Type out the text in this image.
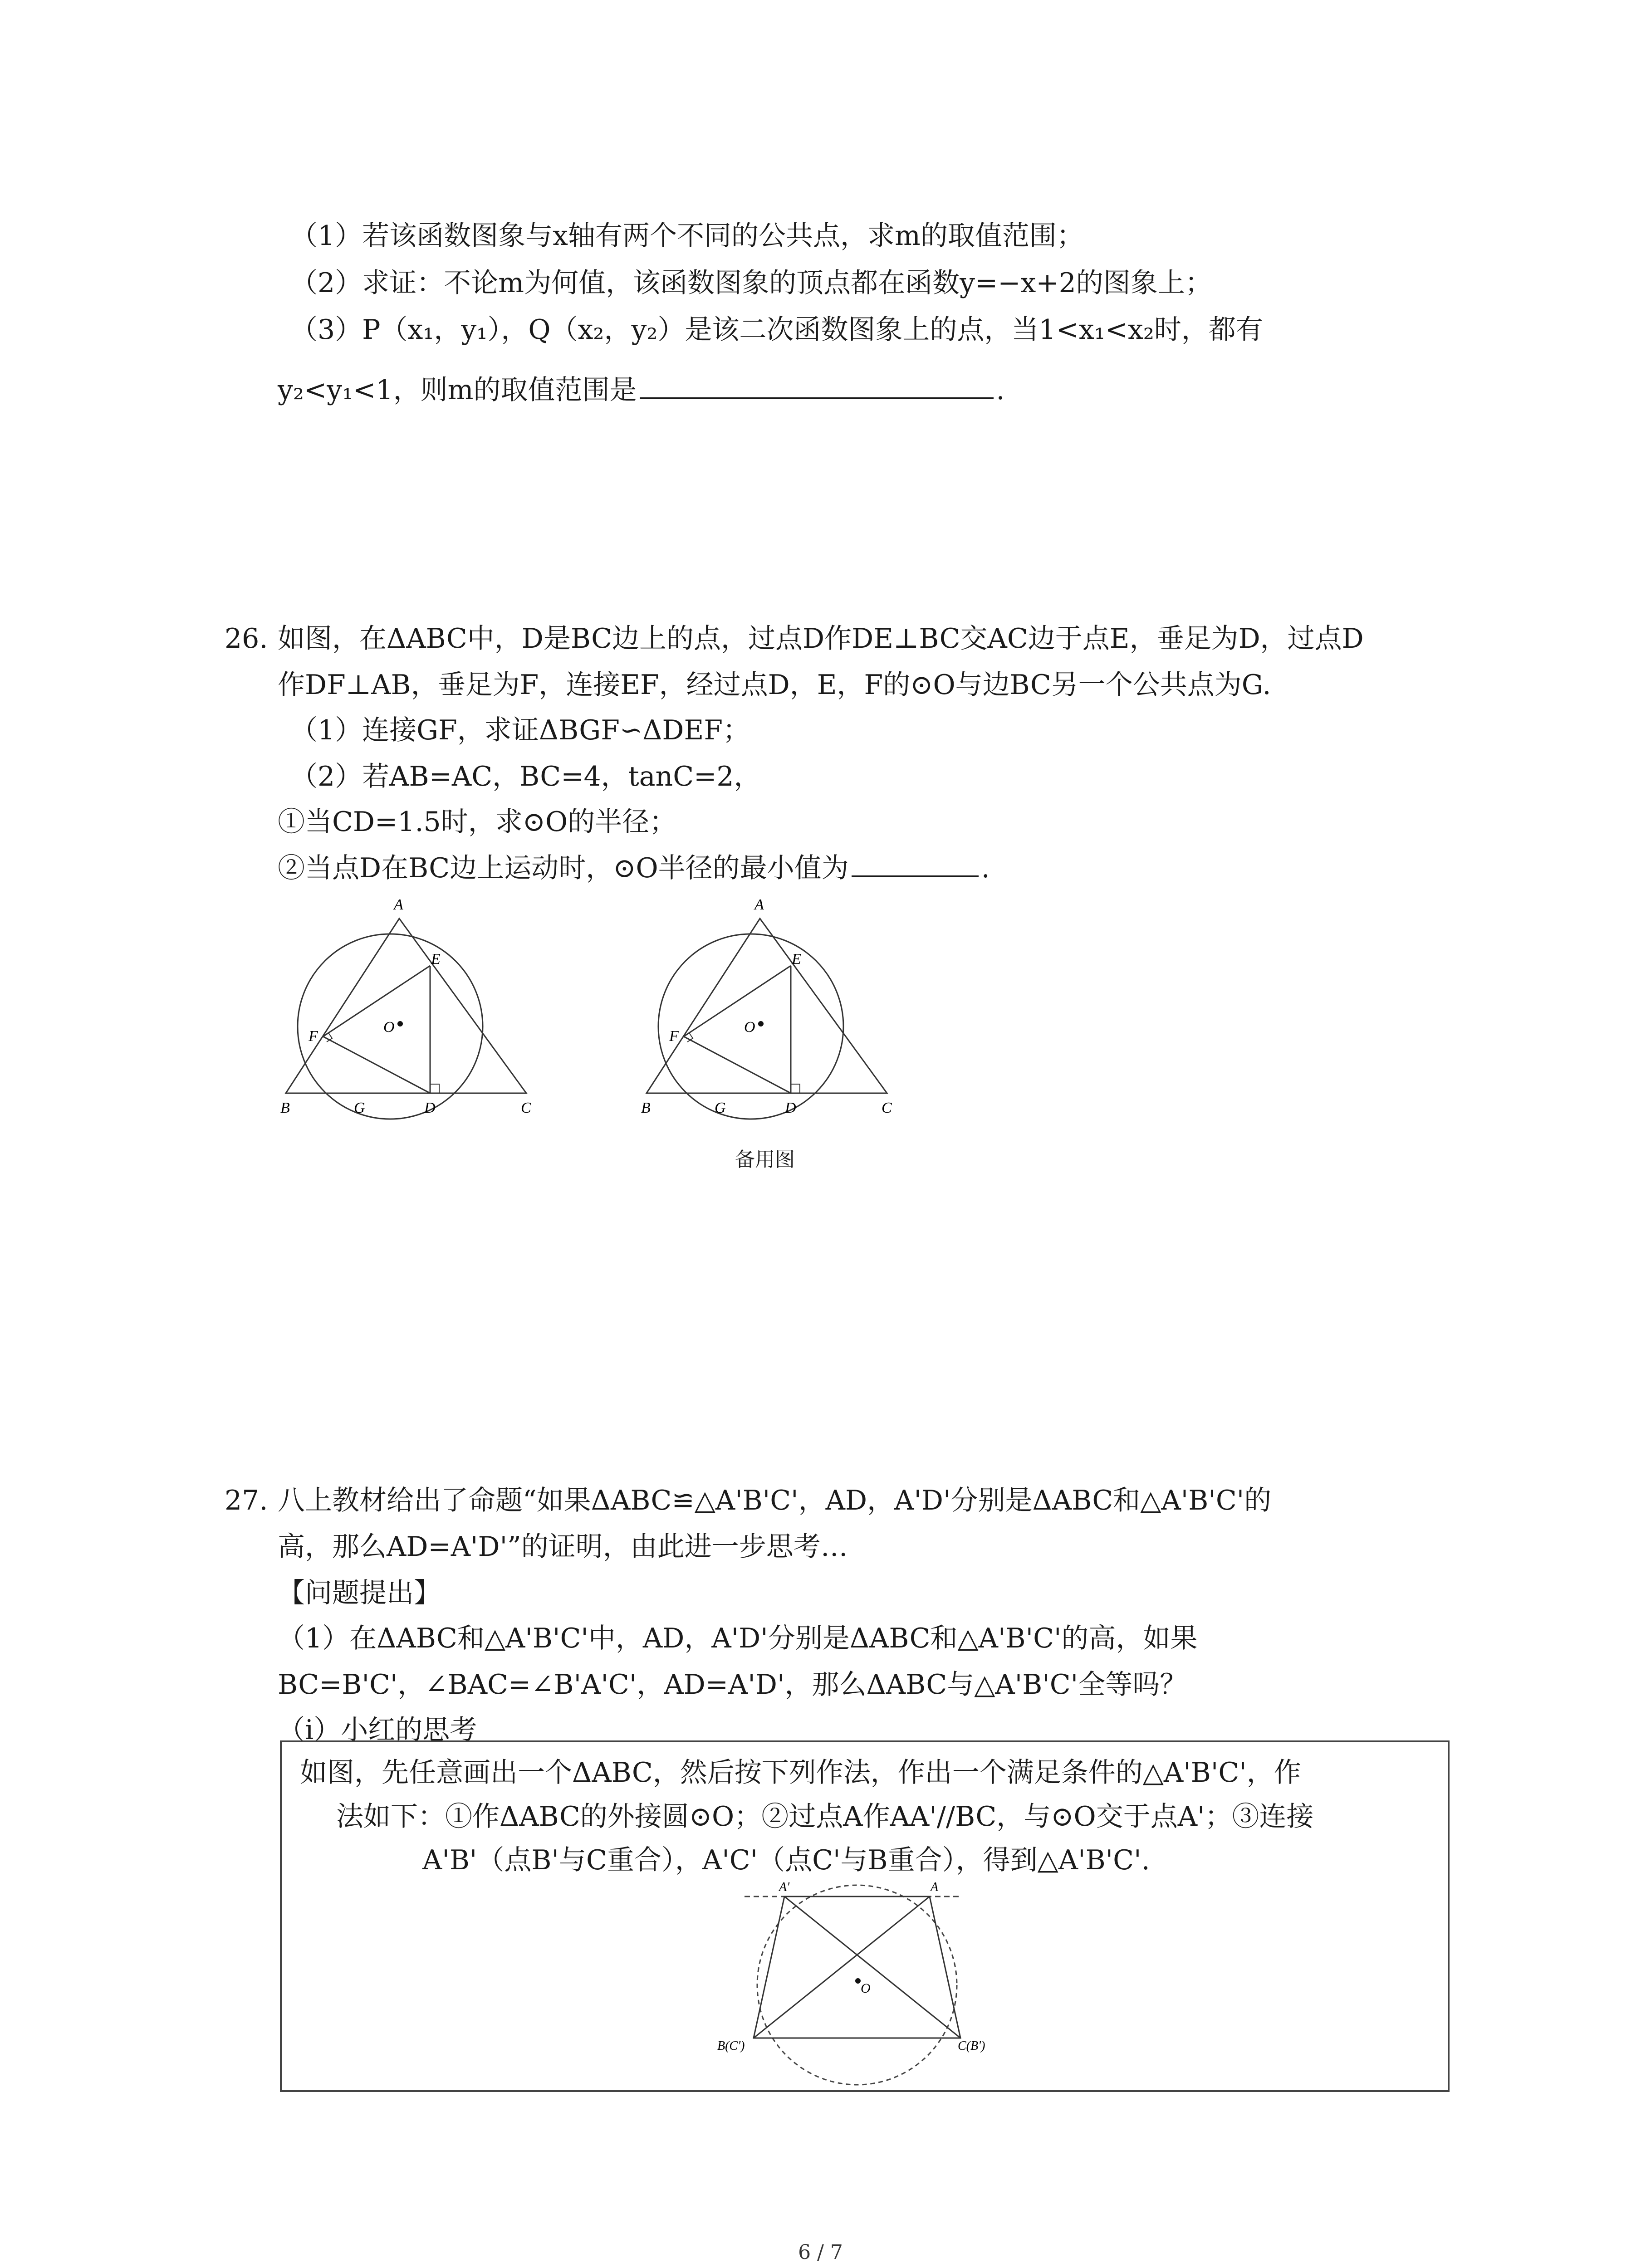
（1）若该函数图象与x轴有两个不同的公共点，求m的取值范围；
（2）求证：不论m为何值，该函数图象的顶点都在函数y=−x+2的图象上；
（3）P（x₁，y₁），Q（x₂，y₂）是该二次函数图象上的点，当1<x₁<x₂时，都有
y₂<y₁<1，则m的取值范围是	.
26. 如图，在ΔABC中，D是BC边上的点，过点D作DE⊥BC交AC边于点E，垂足为D，过点D
作DF⊥AB，垂足为F，连接EF，经过点D，E，F的⊙O与边BC另一个公共点为G.
（1）连接GF，求证ΔBGF∽ΔDEF；
（2）若AB=AC，BC=4，tanC=2，
①当CD=1.5时，求⊙O的半径；
②当点D在BC边上运动时，⊙O半径的最小值为	.
A
E
F
O
B	G	D	C
A
E
F
O
B	G	D	C
备用图
27. 八上教材给出了命题“如果ΔABC≌△A'B'C'，AD，A'D'分别是ΔABC和△A'B'C'的
高，那么AD=A'D'”的证明，由此进一步思考…
【问题提出】
（1）在ΔABC和△A'B'C'中，AD，A'D'分别是ΔABC和△A'B'C'的高，如果
BC=B'C'，∠BAC=∠B'A'C'，AD=A'D'，那么ΔABC与△A'B'C'全等吗？
（ⅰ）小红的思考
如图，先任意画出一个ΔABC，然后按下列作法，作出一个满足条件的△A'B'C'，作
法如下：①作ΔABC的外接圆⊙O；②过点A作AA'//BC，与⊙O交于点A'；③连接
A'B'（点B'与C重合），A'C'（点C'与B重合），得到△A'B'C'.
A'	A
O
B(C')	C(B')
6 / 7
